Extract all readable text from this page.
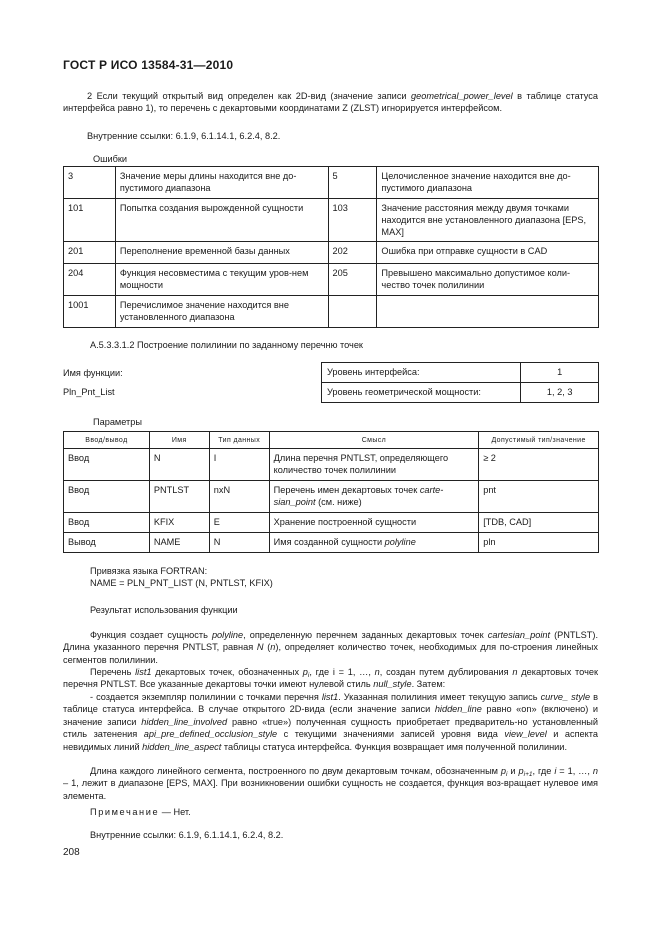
ГОСТ Р ИСО 13584-31—2010
2 Если текущий открытый вид определен как 2D-вид (значение записи geometrical_power_level в таблице статуса интерфейса равно 1), то перечень с декартовыми координатами Z (ZLST) игнорируется интерфейсом.
Внутренние ссылки: 6.1.9, 6.1.14.1, 6.2.4, 8.2.
Ошибки
3	Значение меры длины находится вне до-пустимого диапазона	5	Целочисленное значение находится вне до-пустимого диапазона
101	Попытка создания вырожденной сущности	103	Значение расстояния между двумя точками находится вне установленного диапазона [EPS, MAX]
201	Переполнение временной базы данных	202	Ошибка при отправке сущности в CAD
204	Функция несовместима с текущим уров-нем мощности	205	Превышено максимально допустимое коли-чество точек полилинии
1001	Перечислимое значение находится вне установленного диапазона		
А.5.3.3.1.2 Построение полилинии по заданному перечню точек
Имя функции:
Pln_Pnt_List
Уровень интерфейса:	1
Уровень геометрической мощности:	1, 2, 3
Параметры
Ввод/вывод	Имя	Тип данных	Смысл	Допустимый тип/значение
Ввод	N	I	Длина перечня PNTLST, определяющего количество точек полилинии	≥ 2
Ввод	PNTLST	nxN	Перечень имен декартовых точек carte-sian_point (см. ниже)	pnt
Ввод	KFIX	E	Хранение построенной сущности	[TDB, CAD]
Вывод	NAME	N	Имя созданной сущности polyline	pln
Привязка языка FORTRAN:
NAME = PLN_PNT_LIST (N, PNTLST, KFIX)
Результат использования функции
Функция создает сущность polyline, определенную перечнем заданных декартовых точек cartesian_point (PNTLST). Длина указанного перечня PNTLST, равная N (n), определяет количество точек, необходимых для по-строения линейных сегментов полилинии.
Перечень list1 декартовых точек, обозначенных $p_i$, где i = 1, …, n, создан путем дублирования n декартовых точек перечня PNTLST. Все указанные декартовы точки имеют нулевой стиль null_style. Затем:
- создается экземпляр полилинии с точками перечня list1. Указанная полилиния имеет текущую запись curve_ style в таблице статуса интерфейса. В случае открытого 2D-вида (если значение записи hidden_line равно «on» (включено) и значение записи hidden_line_involved равно «true») полученная сущность приобретает предваритель-но установленный стиль затенения api_pre_defined_occlusion_style с текущими значениями записей уровня вида view_level и аспекта невидимых линий hidden_line_aspect таблицы статуса интерфейса. Функция возвращает имя полученной полилинии.
Длина каждого линейного сегмента, построенного по двум декартовым точкам, обозначенным $p_i$ и $p_{i+1}$, где i = 1, …, n – 1, лежит в диапазоне [EPS, MAX]. При возникновении ошибки сущность не создается, функция воз-вращает нулевое имя элемента.
Примечание — Нет.
Внутренние ссылки: 6.1.9, 6.1.14.1, 6.2.4, 8.2.
208
